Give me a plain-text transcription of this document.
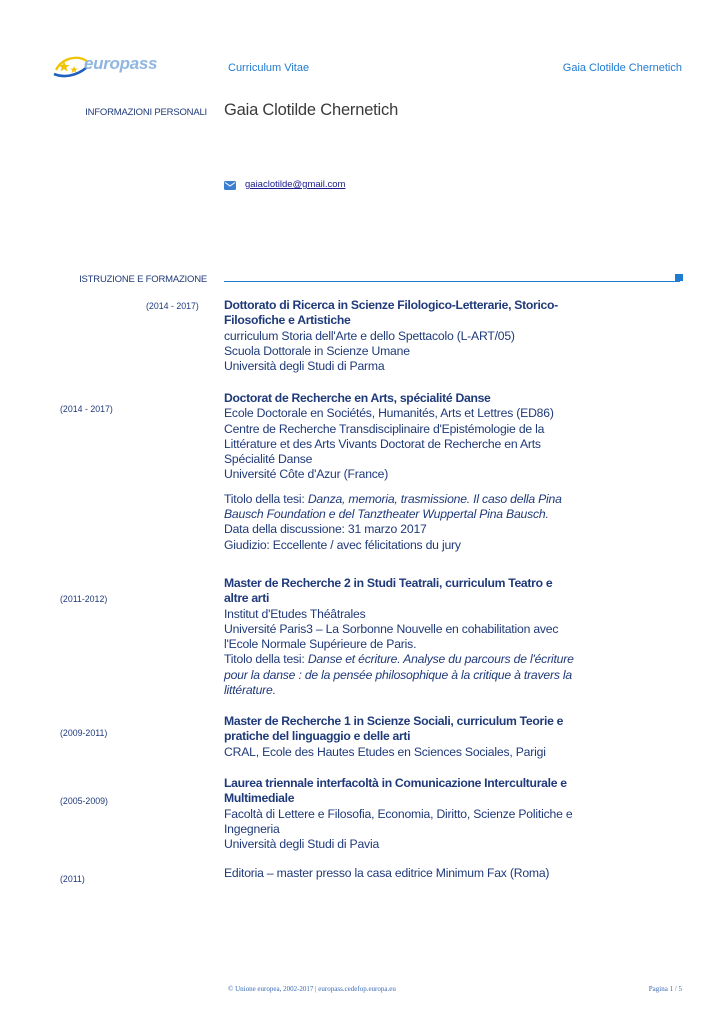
europass	Curriculum Vitae	Gaia Clotilde Chernetich
INFORMAZIONI PERSONALI Gaia Clotilde Chernetich
gaiaclotilde@gmail.com
ISTRUZIONE E FORMAZIONE
(2014 - 2017) Dottorato di Ricerca in Scienze Filologico-Letterarie, Storico-
Filosofiche e Artistiche
curriculum Storia dell'Arte e dello Spettacolo (L-ART/05)
Scuola Dottorale in Scienze Umane
Università degli Studi di Parma
(2014 - 2017)
Doctorat de Recherche en Arts, spécialité Danse
Ecole Doctorale en Sociétés, Humanités, Arts et Lettres (ED86)
Centre de Recherche Transdisciplinaire d'Epistémologie de la
Littérature et des Arts Vivants Doctorat de Recherche en Arts
Spécialité Danse
Université Côte d'Azur (France)
Titolo della tesi: Danza, memoria, trasmissione. Il caso della Pina
Bausch Foundation e del Tanztheater Wuppertal Pina Bausch.
Data della discussione: 31 marzo 2017
Giudizio: Eccellente / avec félicitations du jury
(2011-2012)
Master de Recherche 2 in Studi Teatrali, curriculum Teatro e
altre arti
Institut d'Etudes Théâtrales
Université Paris3 – La Sorbonne Nouvelle en cohabilitation avec
l'Ecole Normale Supérieure de Paris.
Titolo della tesi: Danse et écriture. Analyse du parcours de l'écriture
pour la danse : de la pensée philosophique à la critique à travers la
littérature.
(2009-2011)
Master de Recherche 1 in Scienze Sociali, curriculum Teorie e
pratiche del linguaggio e delle arti
CRAL, Ecole des Hautes Etudes en Sciences Sociales, Parigi
(2005-2009)
Laurea triennale interfacoltà in Comunicazione Interculturale e
Multimediale
Facoltà di Lettere e Filosofia, Economia, Diritto, Scienze Politiche e
Ingegneria
Università degli Studi di Pavia
(2011)	Editoria – master presso la casa editrice Minimum Fax (Roma)
© Unione europea, 2002-2017 | europass.cedefop.europa.eu	Pagina 1 / 5
